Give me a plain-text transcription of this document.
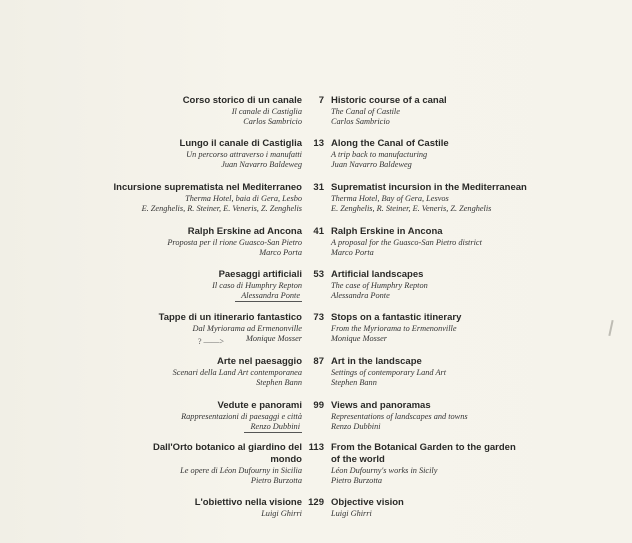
Corso storico di un canale
Il canale di Castiglia
Carlos Sambricio
7 Historic course of a canal
The Canal of Castile
Carlos Sambricio
Lungo il canale di Castiglia
Un percorso attraverso i manufatti
Juan Navarro Baldeweg
13 Along the Canal of Castile
A trip back to manufacturing
Juan Navarro Baldeweg
Incursione suprematista nel Mediterraneo
Therma Hotel, baia di Gera, Lesbo
E. Zenghelis, R. Steiner, E. Veneris, Z. Zenghelis
31 Suprematist incursion in the Mediterranean
Therma Hotel, Bay of Gera, Lesvos
E. Zenghelis, R. Steiner, E. Veneris, Z. Zenghelis
Ralph Erskine ad Ancona
Proposta per il rione Guasco-San Pietro
Marco Porta
41 Ralph Erskine in Ancona
A proposal for the Guasco-San Pietro district
Marco Porta
Paesaggi artificiali
Il caso di Humphry Repton
Alessandra Ponte
53 Artificial landscapes
The case of Humphry Repton
Alessandra Ponte
Tappe di un itinerario fantastico
Dal Myriorama ad Ermenonville
Monique Mosser
73 Stops on a fantastic itinerary
From the Myriorama to Ermenonville
Monique Mosser
Arte nel paesaggio
Scenari della Land Art contemporanea
Stephen Bann
87 Art in the landscape
Settings of contemporary Land Art
Stephen Bann
Vedute e panorami
Rappresentazioni di paesaggi e città
Renzo Dubbini
99 Views and panoramas
Representations of landscapes and towns
Renzo Dubbini
Dall'Orto botanico al giardino del
mondo
Le opere di Léon Dufourny in Sicilia
Pietro Burzotta
113 From the Botanical Garden to the garden
of the world
Léon Dufourny's works in Sicily
Pietro Burzotta
L'obiettivo nella visione
Luigi Ghirri
129 Objective vision
Luigi Ghirri
? ——>
